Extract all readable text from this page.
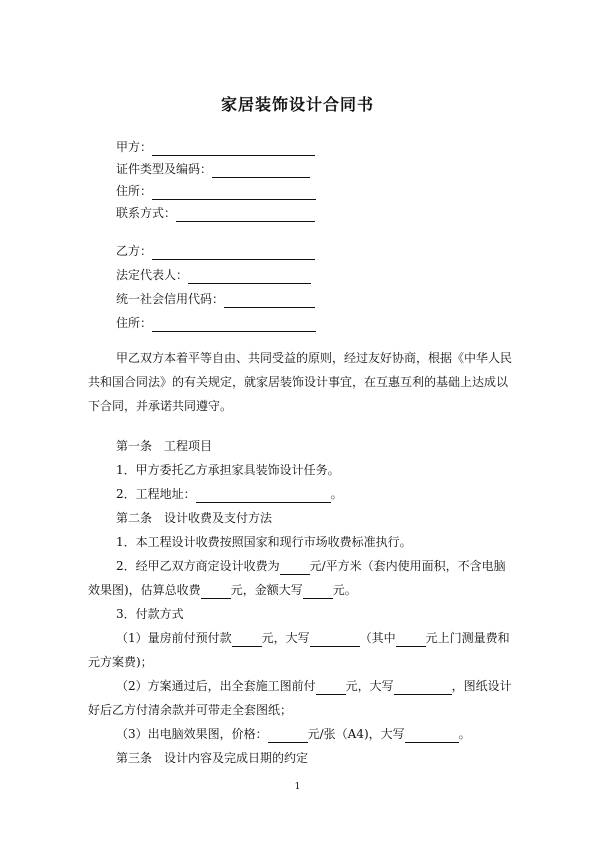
家居装饰设计合同书
甲方：
证件类型及编码：
住所：
联系方式：
乙方：
法定代表人：
统一社会信用代码：
住所：
甲乙双方本着平等自由、共同受益的原则，经过友好协商，根据《中华人民
共和国合同法》的有关规定，就家居装饰设计事宜，在互惠互利的基础上达成以
下合同，并承诺共同遵守。
第一条　工程项目
1．甲方委托乙方承担家具装饰设计任务。
2．工程地址：	。
第二条　设计收费及支付方法
1．本工程设计收费按照国家和现行市场收费标准执行。
2．经甲乙双方商定设计收费为	元/平方米（套内使用面积，不含电脑
效果图)，估算总收费	元，金额大写	元。
3．付款方式
（1）量房前付预付款	元，大写	（其中	元上门测量费和
元方案费)；
（2）方案通过后，出全套施工图前付	元，大写	，图纸设计
好后乙方付清余款并可带走全套图纸；
（3）出电脑效果图，价格：	元/张（A4)，大写	。
第三条　设计内容及完成日期的约定
1
